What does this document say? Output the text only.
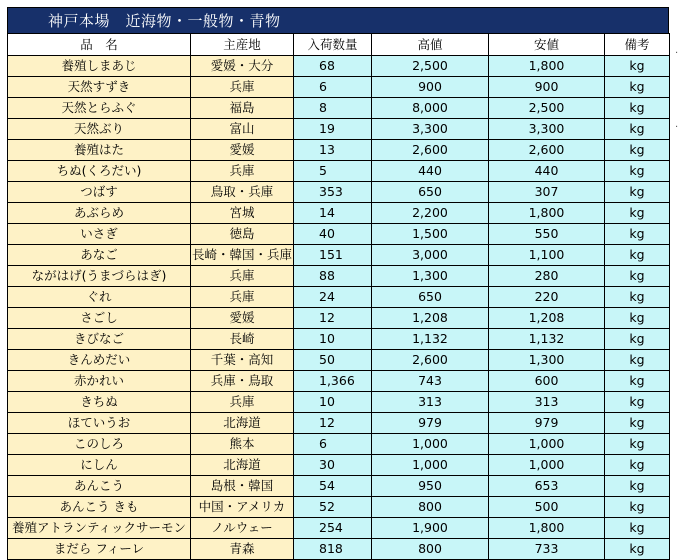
神戸本場　近海物・一般物・青物
品　名	主産地	入荷数量	高値	安値	備考
養殖しまあじ	愛媛・大分	68	2,500	1,800	kg
天然すずき	兵庫	6	900	900	kg
天然とらふぐ	福島	8	8,000	2,500	kg
天然ぶり	富山	19	3,300	3,300	kg
養殖はた	愛媛	13	2,600	2,600	kg
ちぬ(くろだい)	兵庫	5	440	440	kg
つばす	鳥取・兵庫	353	650	307	kg
あぶらめ	宮城	14	2,200	1,800	kg
いさぎ	徳島	40	1,500	550	kg
あなご	長崎・韓国・兵庫	151	3,000	1,100	kg
ながはげ(うまづらはぎ)	兵庫	88	1,300	280	kg
ぐれ	兵庫	24	650	220	kg
さごし	愛媛	12	1,208	1,208	kg
きびなご	長崎	10	1,132	1,132	kg
きんめだい	千葉・高知	50	2,600	1,300	kg
赤かれい	兵庫・鳥取	1,366	743	600	kg
きちぬ	兵庫	10	313	313	kg
ほていうお	北海道	12	979	979	kg
このしろ	熊本	6	1,000	1,000	kg
にしん	北海道	30	1,000	1,000	kg
あんこう	島根・韓国	54	950	653	kg
あんこう きも	中国・アメリカ	52	800	500	kg
養殖アトランティックサーモン	ノルウェー	254	1,900	1,800	kg
まだら フィーレ	青森	818	800	733	kg
·
·
